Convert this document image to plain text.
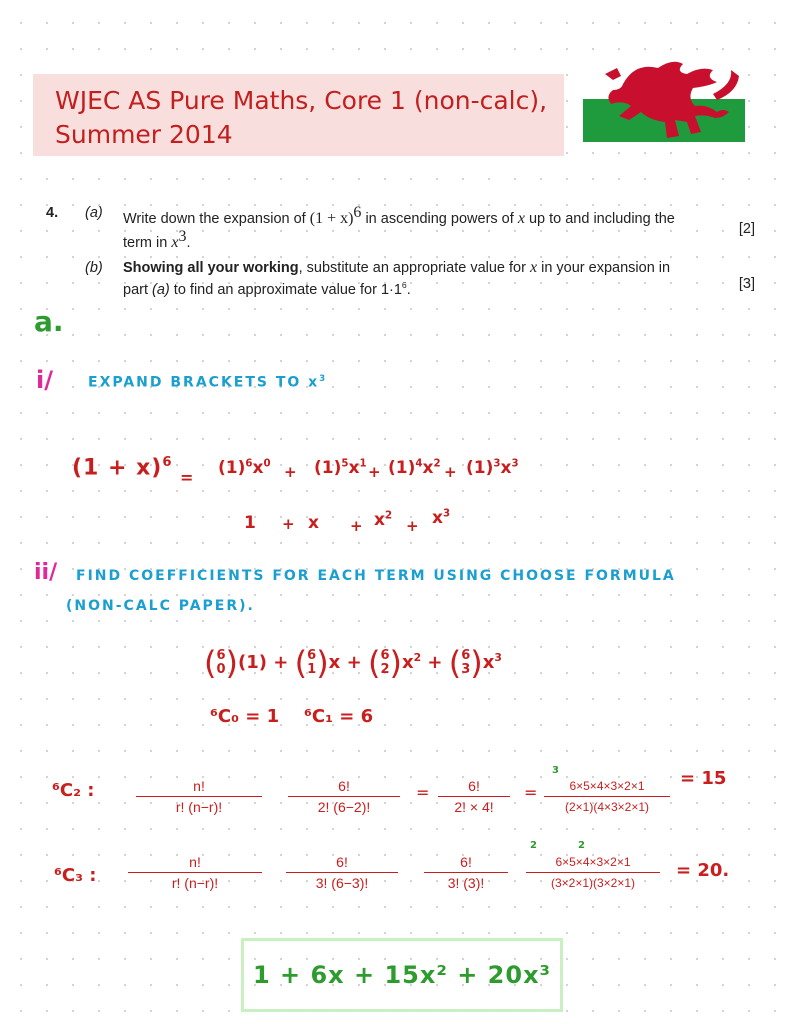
WJEC AS Pure Maths, Core 1 (non-calc),
Summer 2014
4. (a) Write down the expansion of $(1 + x)^6$ in ascending powers of x up to and including the
term in $x^3$.
[2]
(b) Showing all your working, substitute an appropriate value for x in your expansion in
part (a) to find an approximate value for $1\cdot 1^6$.	[3]
a.
i/	EXPAND BRACKETS TO $x^3$
$(1 + x)^6$
= $(1)^6x^0 + (1)^5x^1 + (1)^4x^2 + (1)^3x^3$
$1 + x + x^2$
+ $x^3$
ii/ FIND COEFFICIENTS FOR EACH TERM USING CHOOSE FORMULA
(NON-CALC PAPER).
(6
0)(1) + (6
1)x + (6
$2)x^2 + (6$
$3)x^3$
⁶C₀ = 1 ⁶C₁ = 6
⁶C₂ :	n!
r! (n−r)!
6!
2! (6−2)!
=	6!
2! × 4!
=
3
6×5×4×3×2×1
(2×1)(4×3×2×1)
= 15
⁶C₃ :
n!
r! (n−r)!
6!
3! (6−3)!
6!
3! (3)!
2	2
6×5×4×3×2×1
(3×2×1)(3×2×1)
= 20.
1 + 6x + 15x² + 20x³
